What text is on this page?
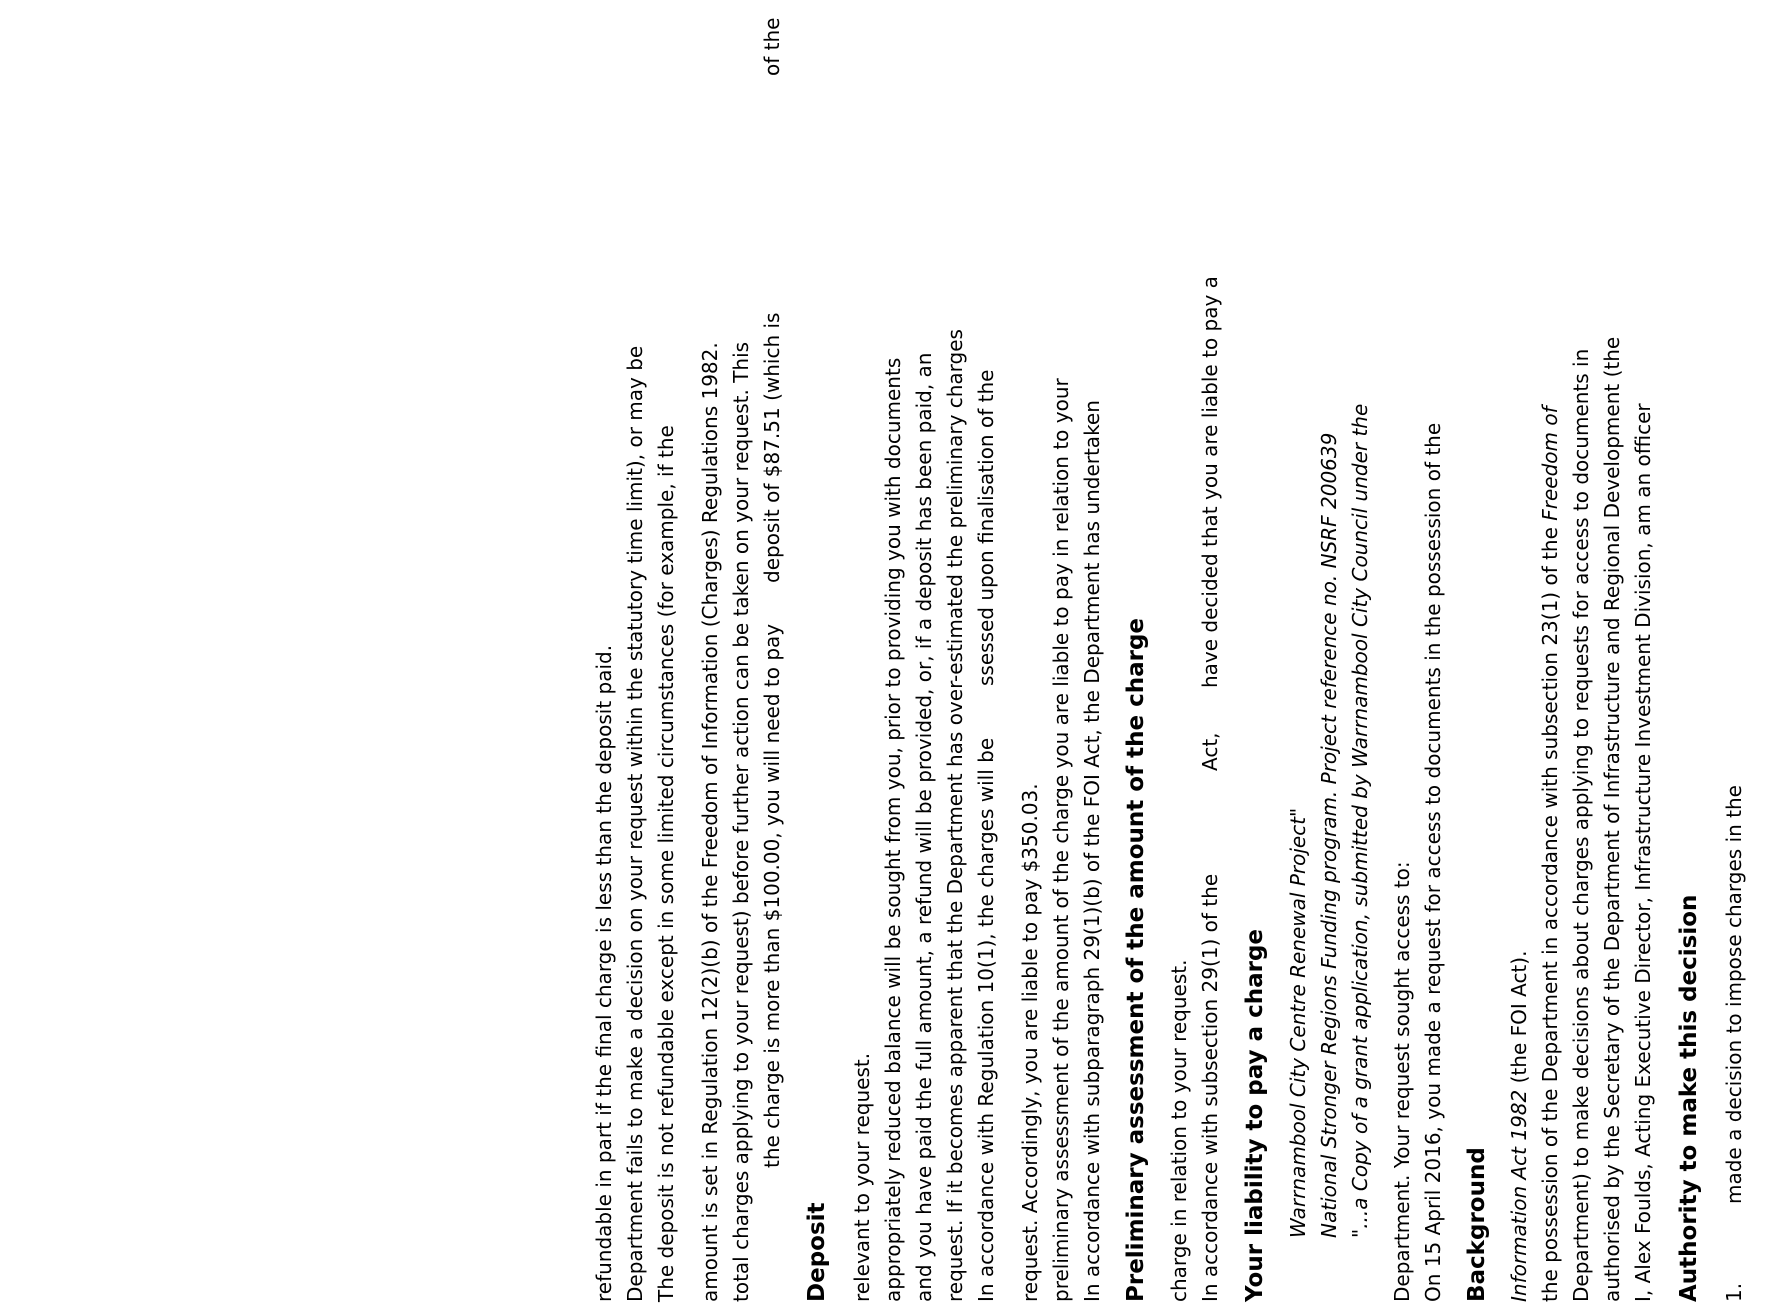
1.
made a decision to impose charges in the
Authority to make this decision
I, Alex Foulds, Acting Executive Director, Infrastructure Investment Division, am an officer
authorised by the Secretary of the Department of Infrastructure and Regional Development (the
Department) to make decisions about charges applying to requests for access to documents in
the possession of the Department in accordance with subsection 23(1) of the Freedom of
Information Act 1982 (the FOI Act).
Background
On 15 April 2016, you made a request for access to documents in the possession of the
Department. Your request sought access to:
"...a Copy of a grant application, submitted by Warrnambool City Council under the
National Stronger Regions Funding program. Project reference no. NSRF 200639
Warrnambool City Centre Renewal Project"
Your liability to pay a charge
In accordance with subsection 29(1) of the
Act,
have decided that you are liable to pay a
charge in relation to your request.
Preliminary assessment of the amount of the charge
In accordance with subparagraph 29(1)(b) of the FOI Act, the Department has undertaken
preliminary assessment of the amount of the charge you are liable to pay in relation to your
request. Accordingly, you are liable to pay $350.03.
In accordance with Regulation 10(1), the charges will be
ssessed upon finalisation of the
request. If it becomes apparent that the Department has over-estimated the preliminary charges
and you have paid the full amount, a refund will be provided, or, if a deposit has been paid, an
appropriately reduced balance will be sought from you, prior to providing you with documents
relevant to your request.
Deposit
the charge is more than $100.00, you will need to pay
deposit of $87.51 (which is
of the
total charges applying to your request) before further action can be taken on your request. This
amount is set in Regulation 12(2)(b) of the Freedom of Information (Charges) Regulations 1982.
The deposit is not refundable except in some limited circumstances (for example, if the
Department fails to make a decision on your request within the statutory time limit), or may be
refundable in part if the final charge is less than the deposit paid.
